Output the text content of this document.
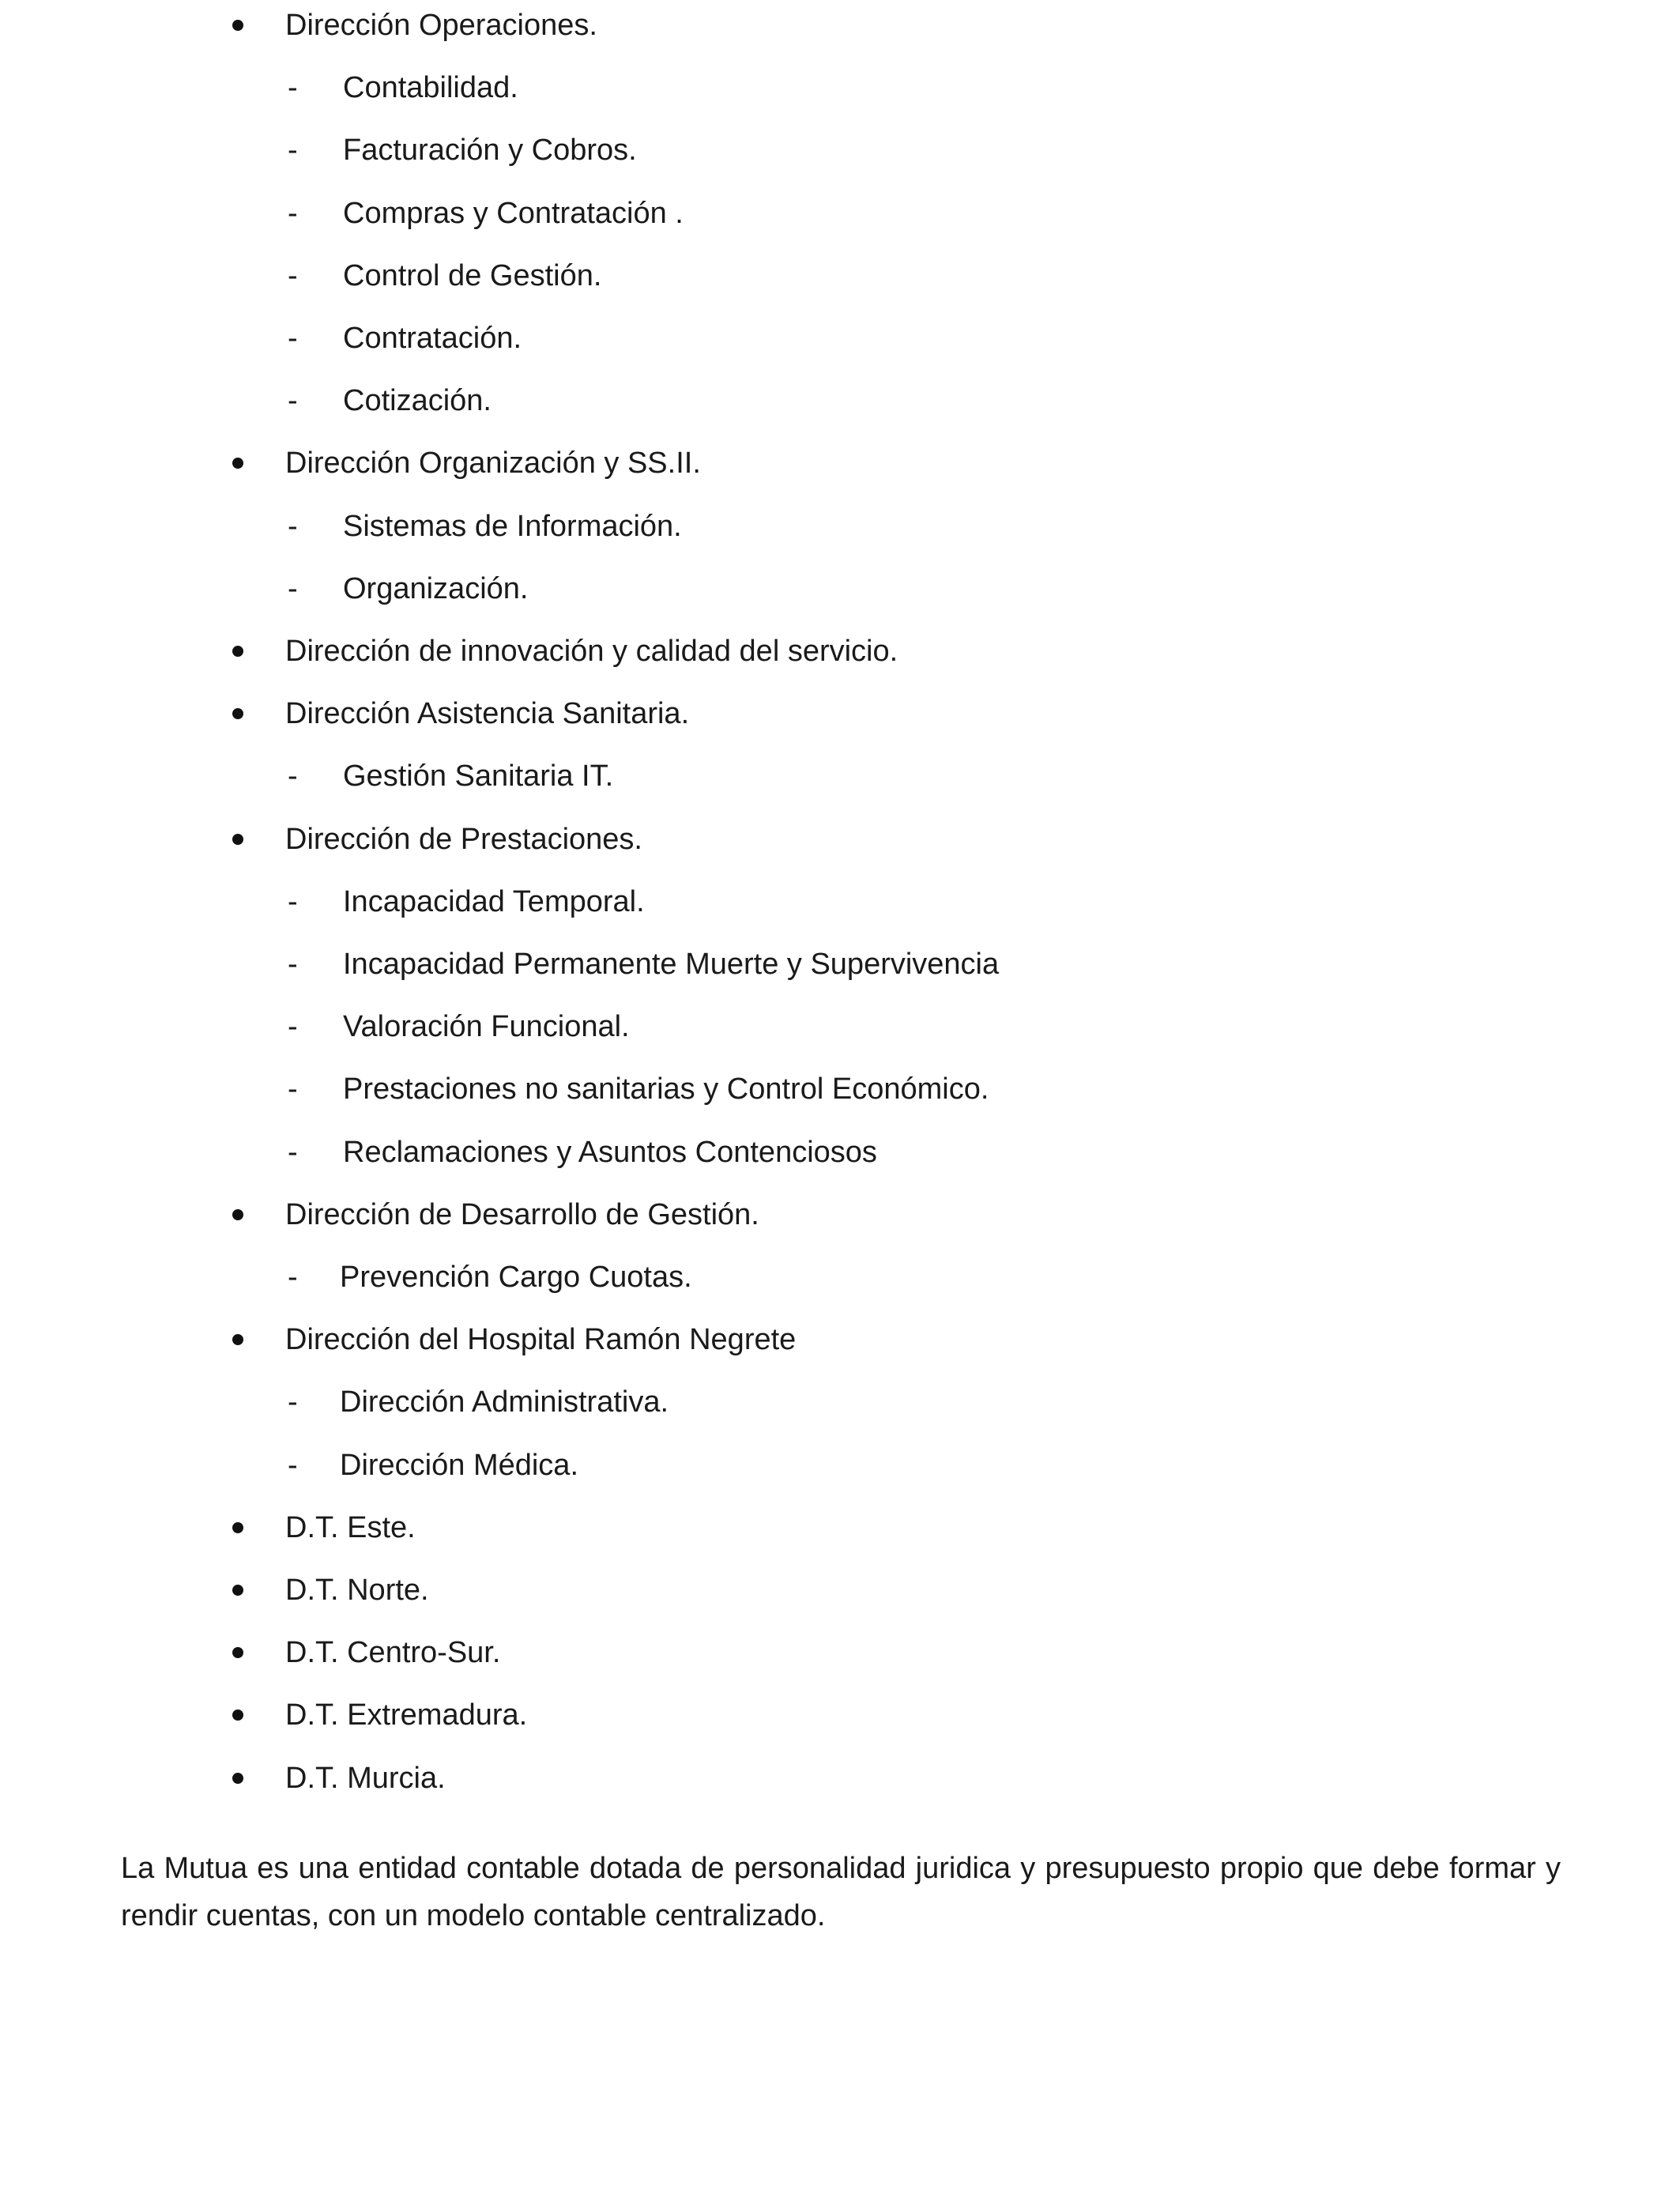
Dirección Operaciones.
- Contabilidad.
- Facturación y Cobros.
- Compras y Contratación .
- Control de Gestión.
- Contratación.
- Cotización.
Dirección Organización y SS.II.
- Sistemas de Información.
- Organización.
Dirección de innovación y calidad del servicio.
Dirección Asistencia Sanitaria.
- Gestión Sanitaria IT.
Dirección de Prestaciones.
- Incapacidad Temporal.
- Incapacidad Permanente Muerte y Supervivencia
- Valoración Funcional.
- Prestaciones no sanitarias y Control Económico.
- Reclamaciones y Asuntos Contenciosos
Dirección de Desarrollo de Gestión.
- Prevención Cargo Cuotas.
Dirección del Hospital Ramón Negrete
- Dirección Administrativa.
- Dirección Médica.
D.T. Este.
D.T. Norte.
D.T. Centro-Sur.
D.T. Extremadura.
D.T. Murcia.

La Mutua es una entidad contable dotada de personalidad juridica y presupuesto propio que debe formar y rendir cuentas, con un modelo contable centralizado.
